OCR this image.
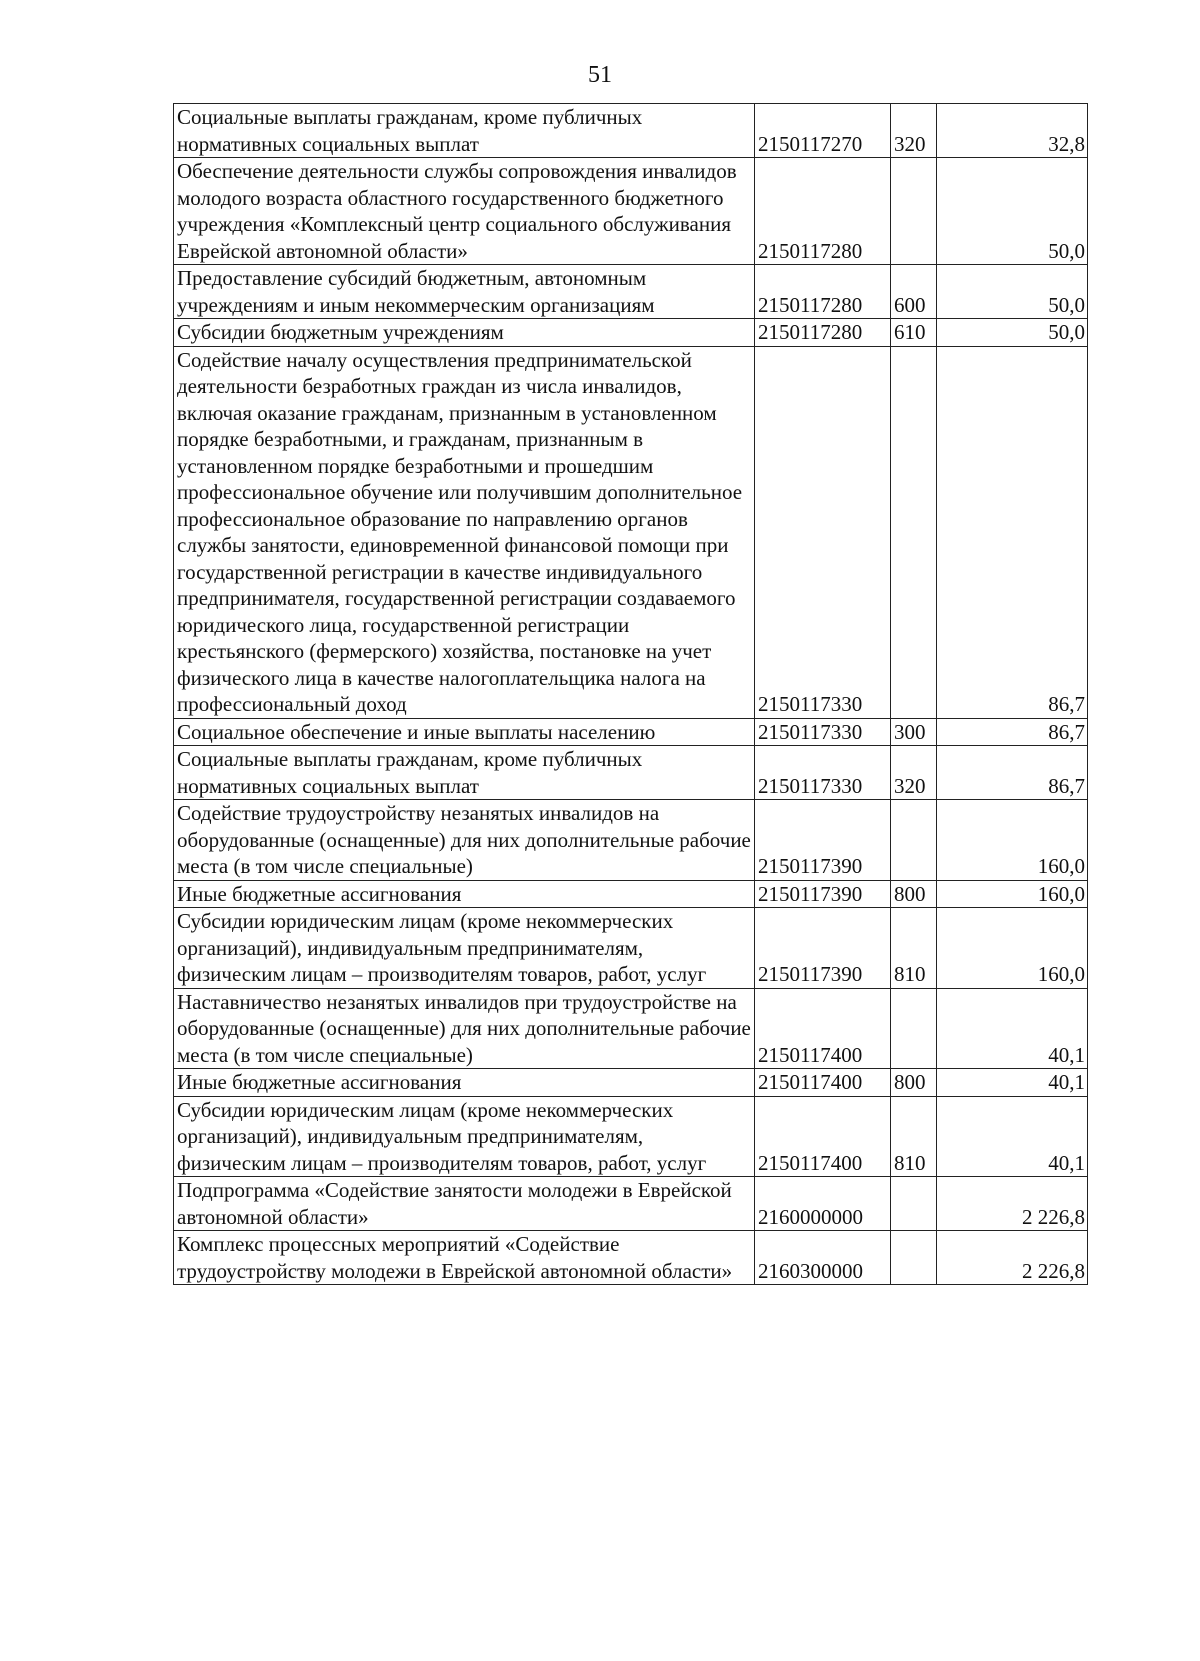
51
Социальные выплаты гражданам, кроме публичных нормативных социальных выплат	2150117270	320	32,8

Обеспечение деятельности службы сопровождения инвалидов молодого возраста областного государственного бюджетного учреждения «Комплексный центр социального обслуживания Еврейской автономной области»	2150117280		50,0

Предоставление субсидий бюджетным, автономным учреждениям и иным некоммерческим организациям	2150117280	600	50,0

Субсидии бюджетным учреждениям	2150117280	610	50,0

Содействие началу осуществления предпринимательской деятельности безработных граждан из числа инвалидов, включая оказание гражданам, признанным в установленном порядке безработными, и гражданам, признанным в установленном порядке безработными и прошедшим профессиональное обучение или получившим дополнительное профессиональное образование по направлению органов службы занятости, единовременной финансовой помощи при государственной регистрации в качестве индивидуального предпринимателя, государственной регистрации создаваемого юридического лица, государственной регистрации крестьянского (фермерского) хозяйства, постановке на учет физического лица в качестве налогоплательщика налога на профессиональный доход	2150117330		86,7

Социальное обеспечение и иные выплаты населению	2150117330	300	86,7

Социальные выплаты гражданам, кроме публичных нормативных социальных выплат	2150117330	320	86,7

Содействие трудоустройству незанятых инвалидов на оборудованные (оснащенные) для них дополнительные рабочие места (в том числе специальные)	2150117390		160,0

Иные бюджетные ассигнования	2150117390	800	160,0

Субсидии юридическим лицам (кроме некоммерческих организаций), индивидуальным предпринимателям, физическим лицам – производителям товаров, работ, услуг	2150117390	810	160,0

Наставничество незанятых инвалидов при трудоустройстве на оборудованные (оснащенные) для них дополнительные рабочие места (в том числе специальные)	2150117400		40,1

Иные бюджетные ассигнования	2150117400	800	40,1

Субсидии юридическим лицам (кроме некоммерческих организаций), индивидуальным предпринимателям, физическим лицам – производителям товаров, работ, услуг	2150117400	810	40,1

Подпрограмма «Содействие занятости молодежи в Еврейской автономной области»	2160000000		2 226,8

Комплекс процессных мероприятий «Содействие трудоустройству молодежи в Еврейской автономной области»	2160300000		2 226,8
